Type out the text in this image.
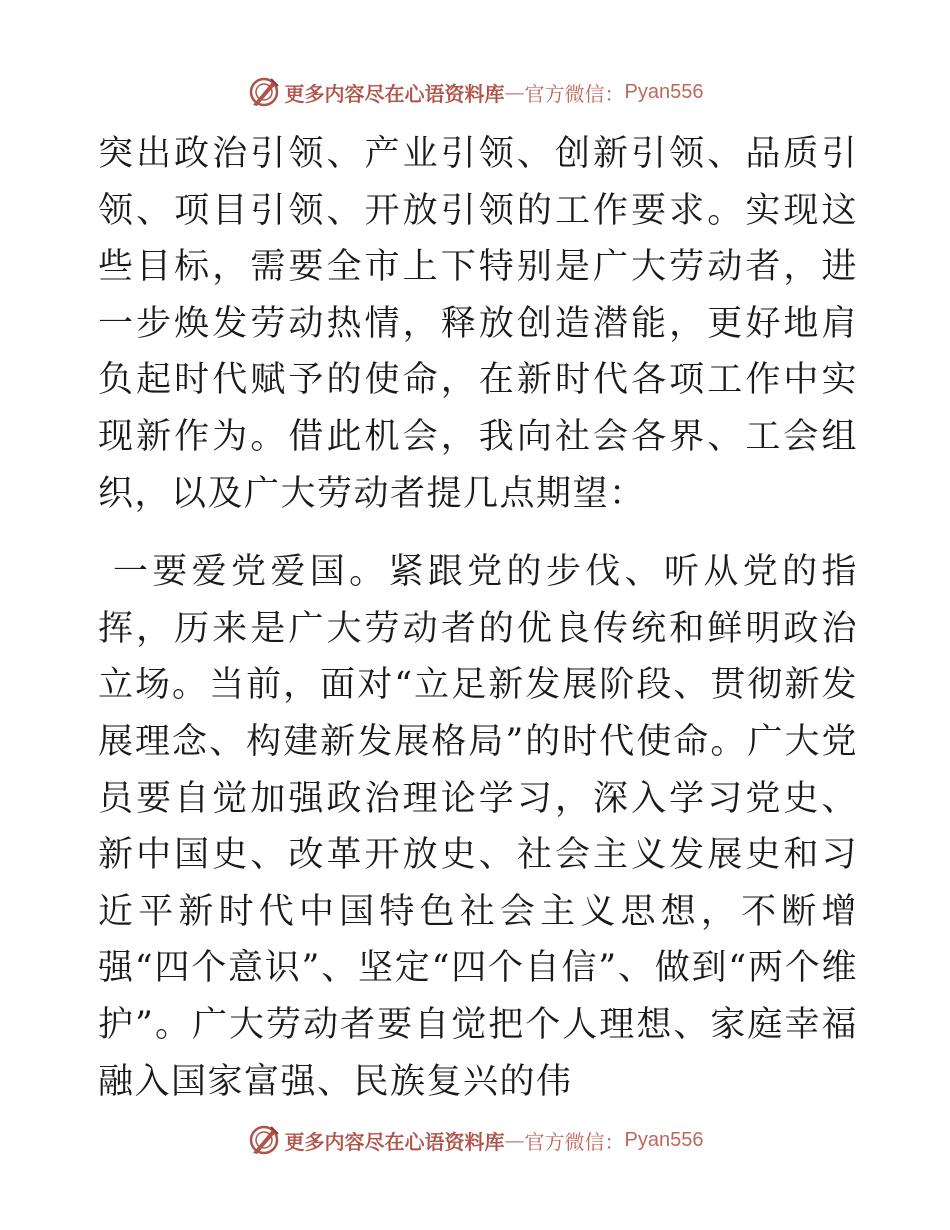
更多内容尽在心语资料库 — 官方微信： Pyan556

突出政治引领、产业引领、创新引领、品质引领、项目引领、开放引领的工作要求。实现这些目标，需要全市上下特别是广大劳动者，进一步焕发劳动热情，释放创造潜能，更好地肩负起时代赋予的使命，在新时代各项工作中实现新作为。借此机会，我向社会各界、工会组织，以及广大劳动者提几点期望：

一要爱党爱国。紧跟党的步伐、听从党的指挥，历来是广大劳动者的优良传统和鲜明政治立场。当前，面对“立足新发展阶段、贯彻新发展理念、构建新发展格局”的时代使命。广大党员要自觉加强政治理论学习，深入学习党史、新中国史、改革开放史、社会主义发展史和习近平新时代中国特色社会主义思想，不断增强“四个意识”、坚定“四个自信”、做到“两个维护”。广大劳动者要自觉把个人理想、家庭幸福融入国家富强、民族复兴的伟

更多内容尽在心语资料库 — 官方微信： Pyan556
